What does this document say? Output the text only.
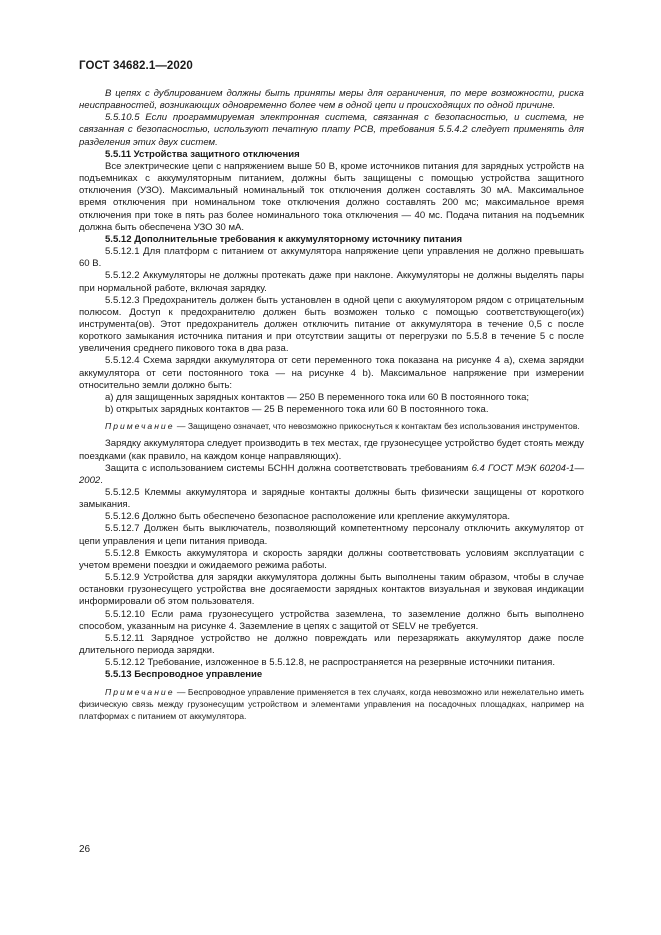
ГОСТ 34682.1—2020

В цепях с дублированием должны быть приняты меры для ограничения, по мере возможности, риска неисправностей, возникающих одновременно более чем в одной цепи и происходящих по одной причине.

5.5.10.5 Если программируемая электронная система, связанная с безопасностью, и система, не связанная с безопасностью, используют печатную плату PCB, требования 5.5.4.2 следует применять для разделения этих двух систем.

5.5.11 Устройства защитного отключения

Все электрические цепи с напряжением выше 50 В, кроме источников питания для зарядных устройств на подъемниках с аккумуляторным питанием, должны быть защищены с помощью устройства защитного отключения (УЗО). Максимальный номинальный ток отключения должен составлять 30 мА. Максимальное время отключения при номинальном токе отключения должно составлять 200 мс; максимальное время отключения при токе в пять раз более номинального тока отключения — 40 мс. Подача питания на подъемник должна быть обеспечена УЗО 30 мА.

5.5.12 Дополнительные требования к аккумуляторному источнику питания

5.5.12.1 Для платформ с питанием от аккумулятора напряжение цепи управления не должно превышать 60 В.

5.5.12.2 Аккумуляторы не должны протекать даже при наклоне. Аккумуляторы не должны выделять пары при нормальной работе, включая зарядку.

5.5.12.3 Предохранитель должен быть установлен в одной цепи с аккумулятором рядом с отрицательным полюсом. Доступ к предохранителю должен быть возможен только с помощью соответствующего(их) инструмента(ов). Этот предохранитель должен отключить питание от аккумулятора в течение 0,5 с после короткого замыкания источника питания и при отсутствии защиты от перегрузки по 5.5.8 в течение 5 с после увеличения среднего пикового тока в два раза.

5.5.12.4 Схема зарядки аккумулятора от сети переменного тока показана на рисунке 4 a), схема зарядки аккумулятора от сети постоянного тока — на рисунке 4 b). Максимальное напряжение при измерении относительно земли должно быть:

a) для защищенных зарядных контактов — 250 В переменного тока или 60 В постоянного тока;

b) открытых зарядных контактов — 25 В переменного тока или 60 В постоянного тока.

Примечание — Защищено означает, что невозможно прикоснуться к контактам без использования инструментов.

Зарядку аккумулятора следует производить в тех местах, где грузонесущее устройство будет стоять между поездками (как правило, на каждом конце направляющих).

Защита с использованием системы БСНН должна соответствовать требованиям 6.4 ГОСТ МЭК 60204-1—2002.

5.5.12.5 Клеммы аккумулятора и зарядные контакты должны быть физически защищены от короткого замыкания.

5.5.12.6 Должно быть обеспечено безопасное расположение или крепление аккумулятора.

5.5.12.7 Должен быть выключатель, позволяющий компетентному персоналу отключить аккумулятор от цепи управления и цепи питания привода.

5.5.12.8 Емкость аккумулятора и скорость зарядки должны соответствовать условиям эксплуатации с учетом времени поездки и ожидаемого режима работы.

5.5.12.9 Устройства для зарядки аккумулятора должны быть выполнены таким образом, чтобы в случае остановки грузонесущего устройства вне досягаемости зарядных контактов визуальная и звуковая индикации информировали об этом пользователя.

5.5.12.10 Если рама грузонесущего устройства заземлена, то заземление должно быть выполнено способом, указанным на рисунке 4. Заземление в цепях с защитой от SELV не требуется.

5.5.12.11 Зарядное устройство не должно повреждать или перезаряжать аккумулятор даже после длительного периода зарядки.

5.5.12.12 Требование, изложенное в 5.5.12.8, не распространяется на резервные источники питания.

5.5.13 Беспроводное управление

Примечание — Беспроводное управление применяется в тех случаях, когда невозможно или нежелательно иметь физическую связь между грузонесущим устройством и элементами управления на посадочных площадках, например на платформах с питанием от аккумулятора.

26
